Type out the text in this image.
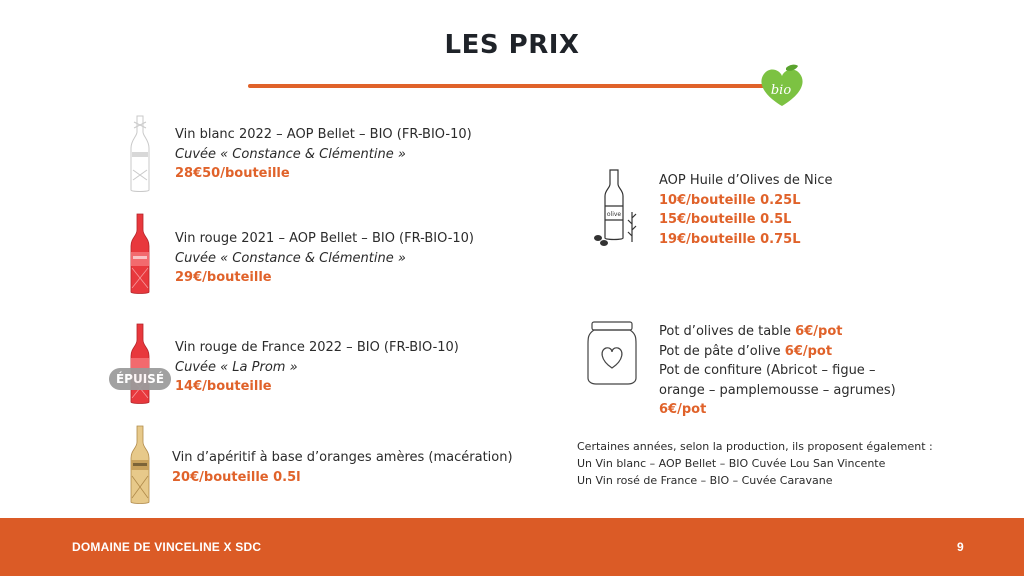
LES PRIX
bio
Vin blanc 2022 – AOP Bellet – BIO (FR-BIO-10)
Cuvée « Constance & Clémentine »
28€50/bouteille
Vin rouge 2021 – AOP Bellet – BIO (FR-BIO-10)
Cuvée « Constance & Clémentine »
29€/bouteille
ÉPUISÉ
Vin rouge de France 2022 – BIO (FR-BIO-10)
Cuvée « La Prom »
14€/bouteille
Vin d’apéritif à base d’oranges amères (macération)
20€/bouteille 0.5l
olive
AOP Huile d’Olives de Nice
10€/bouteille 0.25L
15€/bouteille 0.5L
19€/bouteille 0.75L
Pot d’olives de table 6€/pot
Pot de pâte d’olive 6€/pot
Pot de confiture (Abricot – figue –
orange – pamplemousse – agrumes)
6€/pot
Certaines années, selon la production, ils proposent également :
Un Vin blanc – AOP Bellet – BIO Cuvée Lou San Vincente
Un Vin rosé de France – BIO – Cuvée Caravane
DOMAINE DE VINCELINE X SDC	9
